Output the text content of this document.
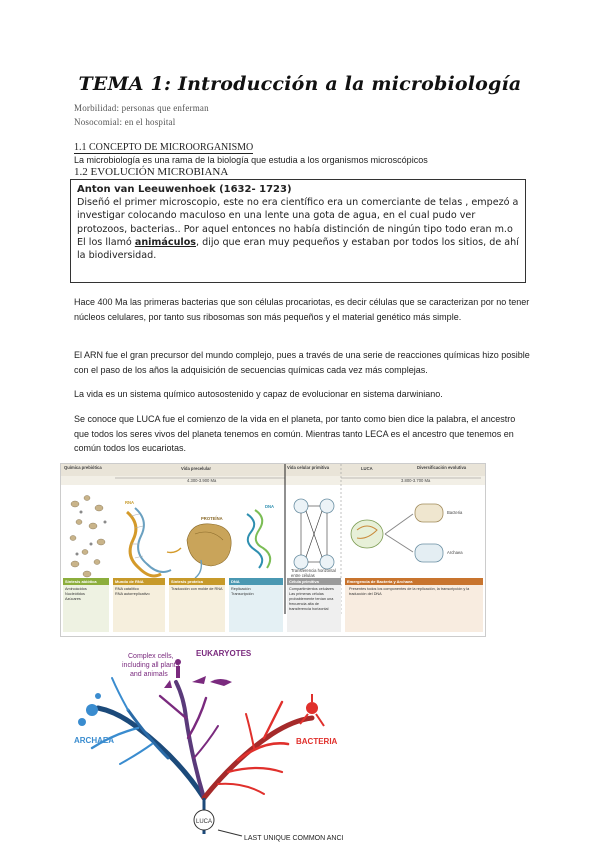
TEMA 1: Introducción a la microbiología
Morbilidad: personas que enferman
Nosocomial: en el hospital
1.1 CONCEPTO DE MICROORGANISMO
La microbiología es una rama de la biología que estudia a los organismos microscópicos
1.2 EVOLUCIÓN MICROBIANA
Anton van Leeuwenhoek (1632- 1723)
Diseñó el primer microscopio, este no era científico era un comerciante de telas , empezó a investigar colocando maculoso en una lente una gota de agua, en el cual pudo ver protozoos, bacterias.. Por aquel entonces no había distinción de ningún tipo todo eran m.o
El los llamó animáculos, dijo que eran muy pequeños y estaban por todos los sitios, de ahí la biodiversidad.
Hace 400 Ma las primeras bacterias que son células procariotas, es decir células que se caracterizan por no tener núcleos celulares, por tanto sus ribosomas son más pequeños y el material genético más simple.
El ARN fue el gran precursor del mundo complejo, pues a través de una serie de reacciones químicas hizo posible con el paso de los años la adquisición de secuencias químicas cada vez más complejas.
La vida es un sistema químico autosostenido y capaz de evolucionar en sistema darwiniano.
Se conoce que LUCA fue el comienzo de la vida en el planeta, por tanto como bien dice la palabra, el ancestro que todos los seres vivos del planeta tenemos en común. Mientras tanto LECA es el ancestro que tenemos en común todos los eucariotas.
Química prebiótica	Vida precelular	Vida celular primitiva	LUCA	Diversificación evolutiva
4.300-3.900 Ma	3.800-3.700 Ma
RNA
PROTEÍNA
DNA
Bacteria
Archaea
Transferencia horizontal entre células
Síntesis abiótica
Aminoácidos
Nucleótidos
Azúcares
Mundo de RNA
RNA catalítico
RNA autorreplicativo
Síntesis proteica
Traducción con molde de RNA
DNA
Replicación
Transcripción
Célula primitiva
Compartimientos celulares
Las primeras células probablemente tenían una frecuencia alta de transferencia horizontal
Emergencia de Bacteria y Archaea
Presentes todos los componentes de la replicación, la transcripción y la traducción del DNA
Complex cells,
including all plants
and animals
EUKARYOTES
ARCHAEA	BACTERIA
LUCA
LAST UNIQUE COMMON ANCI
